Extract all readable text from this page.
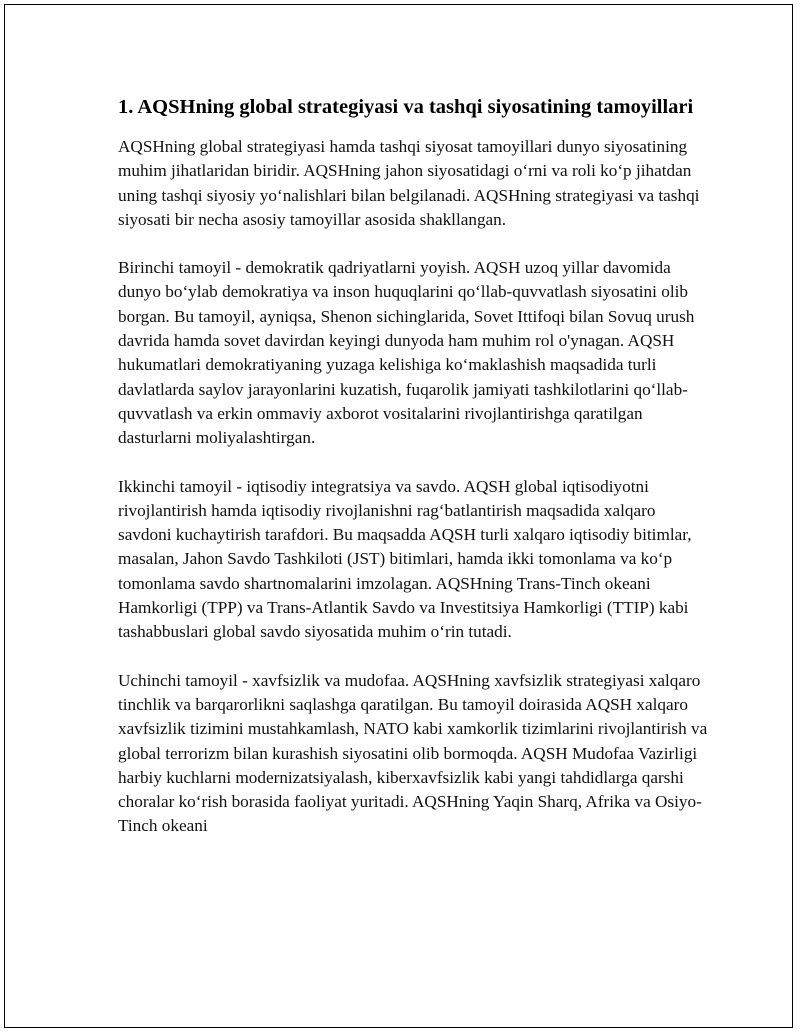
1. AQSHning global strategiyasi va tashqi siyosatining tamoyillari

AQSHning global strategiyasi hamda tashqi siyosat tamoyillari dunyo siyosatining muhim jihatlaridan biridir. AQSHning jahon siyosatidagi o‘rni va roli ko‘p jihatdan uning tashqi siyosiy yo‘nalishlari bilan belgilanadi. AQSHning strategiyasi va tashqi siyosati bir necha asosiy tamoyillar asosida shakllangan.

Birinchi tamoyil - demokratik qadriyatlarni yoyish. AQSH uzoq yillar davomida dunyo bo‘ylab demokratiya va inson huquqlarini qo‘llab-quvvatlash siyosatini olib borgan. Bu tamoyil, ayniqsa, Shenon sichinglarida, Sovet Ittifoqi bilan Sovuq urush davrida hamda sovet davirdan keyingi dunyoda ham muhim rol o'ynagan. AQSH hukumatlari demokratiyaning yuzaga kelishiga ko‘maklashish maqsadida turli davlatlarda saylov jarayonlarini kuzatish, fuqarolik jamiyati tashkilotlarini qo‘llab-quvvatlash va erkin ommaviy axborot vositalarini rivojlantirishga qaratilgan dasturlarni moliyalashtirgan.

Ikkinchi tamoyil - iqtisodiy integratsiya va savdo. AQSH global iqtisodiyotni rivojlantirish hamda iqtisodiy rivojlanishni rag‘batlantirish maqsadida xalqaro savdoni kuchaytirish tarafdori. Bu maqsadda AQSH turli xalqaro iqtisodiy bitimlar, masalan, Jahon Savdo Tashkiloti (JST) bitimlari, hamda ikki tomonlama va ko‘p tomonlama savdo shartnomalarini imzolagan. AQSHning Trans-Tinch okeani Hamkorligi (TPP) va Trans-Atlantik Savdo va Investitsiya Hamkorligi (TTIP) kabi tashabbuslari global savdo siyosatida muhim o‘rin tutadi.

Uchinchi tamoyil - xavfsizlik va mudofaa. AQSHning xavfsizlik strategiyasi xalqaro tinchlik va barqarorlikni saqlashga qaratilgan. Bu tamoyil doirasida AQSH xalqaro xavfsizlik tizimini mustahkamlash, NATO kabi xamkorlik tizimlarini rivojlantirish va global terrorizm bilan kurashish siyosatini olib bormoqda. AQSH Mudofaa Vazirligi harbiy kuchlarni modernizatsiyalash, kiberxavfsizlik kabi yangi tahdidlarga qarshi choralar ko‘rish borasida faoliyat yuritadi. AQSHning Yaqin Sharq, Afrika va Osiyo-Tinch okeani
